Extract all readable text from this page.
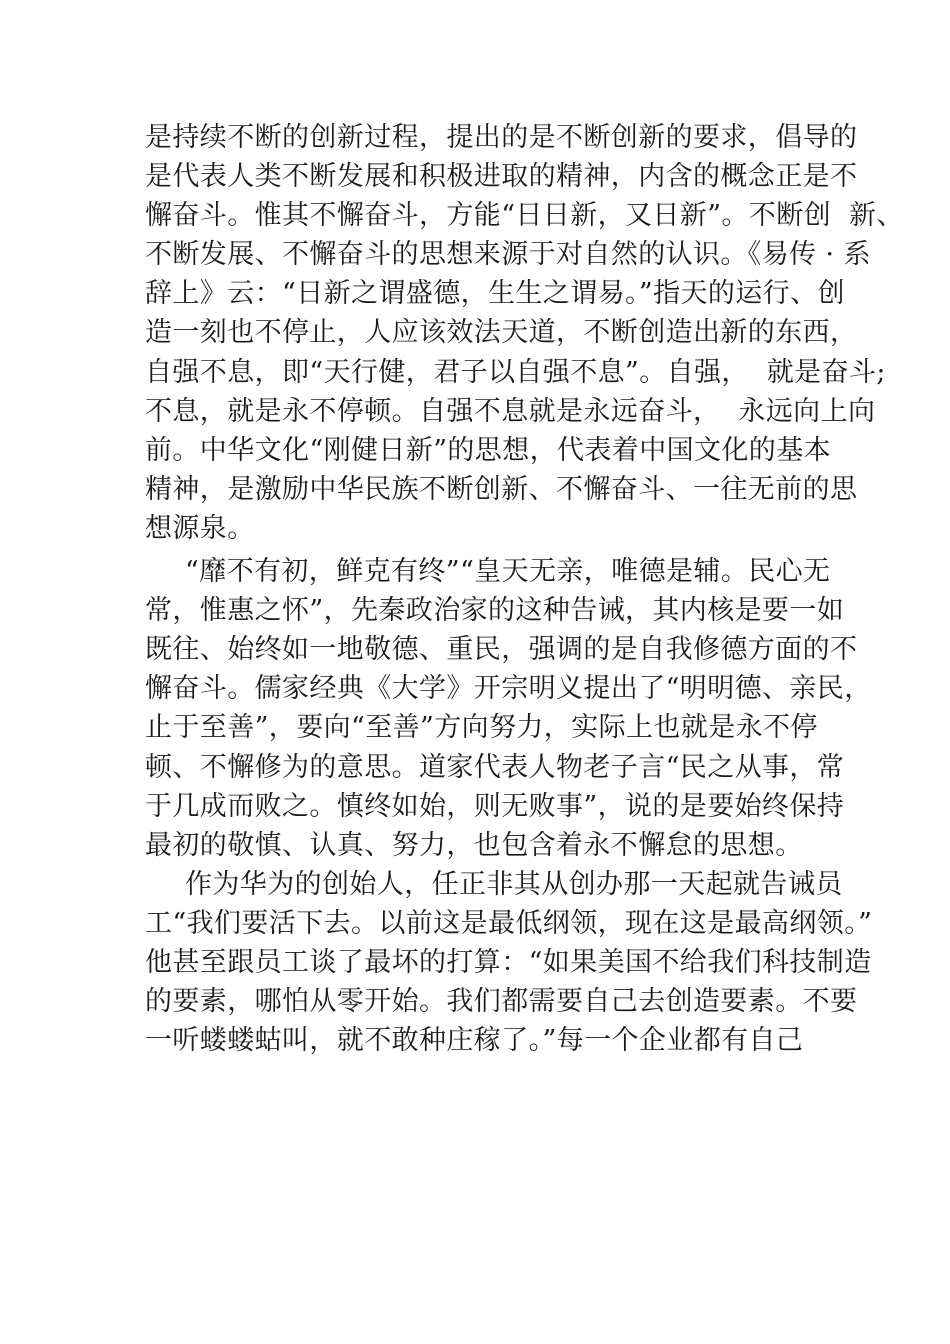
是持续不断的创新过程，提出的是不断创新的要求，倡导的
是代表人类不断发展和积极进取的精神，内含的概念正是不
懈奋斗。惟其不懈奋斗，方能“日日新，又日新”。不断创  新、
不断发展、不懈奋斗的思想来源于对自然的认识。《易传 · 系
辞上》云：“日新之谓盛德，生生之谓易。”指天的运行、创
造一刻也不停止，人应该效法天道，不断创造出新的东西，
自强不息，即“天行健，君子以自强不息”。自强，  就是奋斗;
不息，就是永不停顿。自强不息就是永远奋斗，  永远向上向
前。中华文化“刚健日新”的思想，代表着中国文化的基本
精神，是激励中华民族不断创新、不懈奋斗、一往无前的思
想源泉。
“靡不有初，鲜克有终”“皇天无亲，唯德是辅。民心无
常，惟惠之怀”，先秦政治家的这种告诫，其内核是要一如
既往、始终如一地敬德、重民，强调的是自我修德方面的不
懈奋斗。儒家经典《大学》开宗明义提出了“明明德、亲民，
止于至善”，要向“至善”方向努力，实际上也就是永不停
顿、不懈修为的意思。道家代表人物老子言“民之从事，常
于几成而败之。慎终如始，则无败事”，说的是要始终保持
最初的敬慎、认真、努力，也包含着永不懈怠的思想。
作为华为的创始人，任正非其从创办那一天起就告诫员
工“我们要活下去。以前这是最低纲领，现在这是最高纲领。”
他甚至跟员工谈了最坏的打算：“如果美国不给我们科技制造
的要素，哪怕从零开始。我们都需要自己去创造要素。不要
一听蝼蝼蛄叫，就不敢种庄稼了。”每一个企业都有自己
